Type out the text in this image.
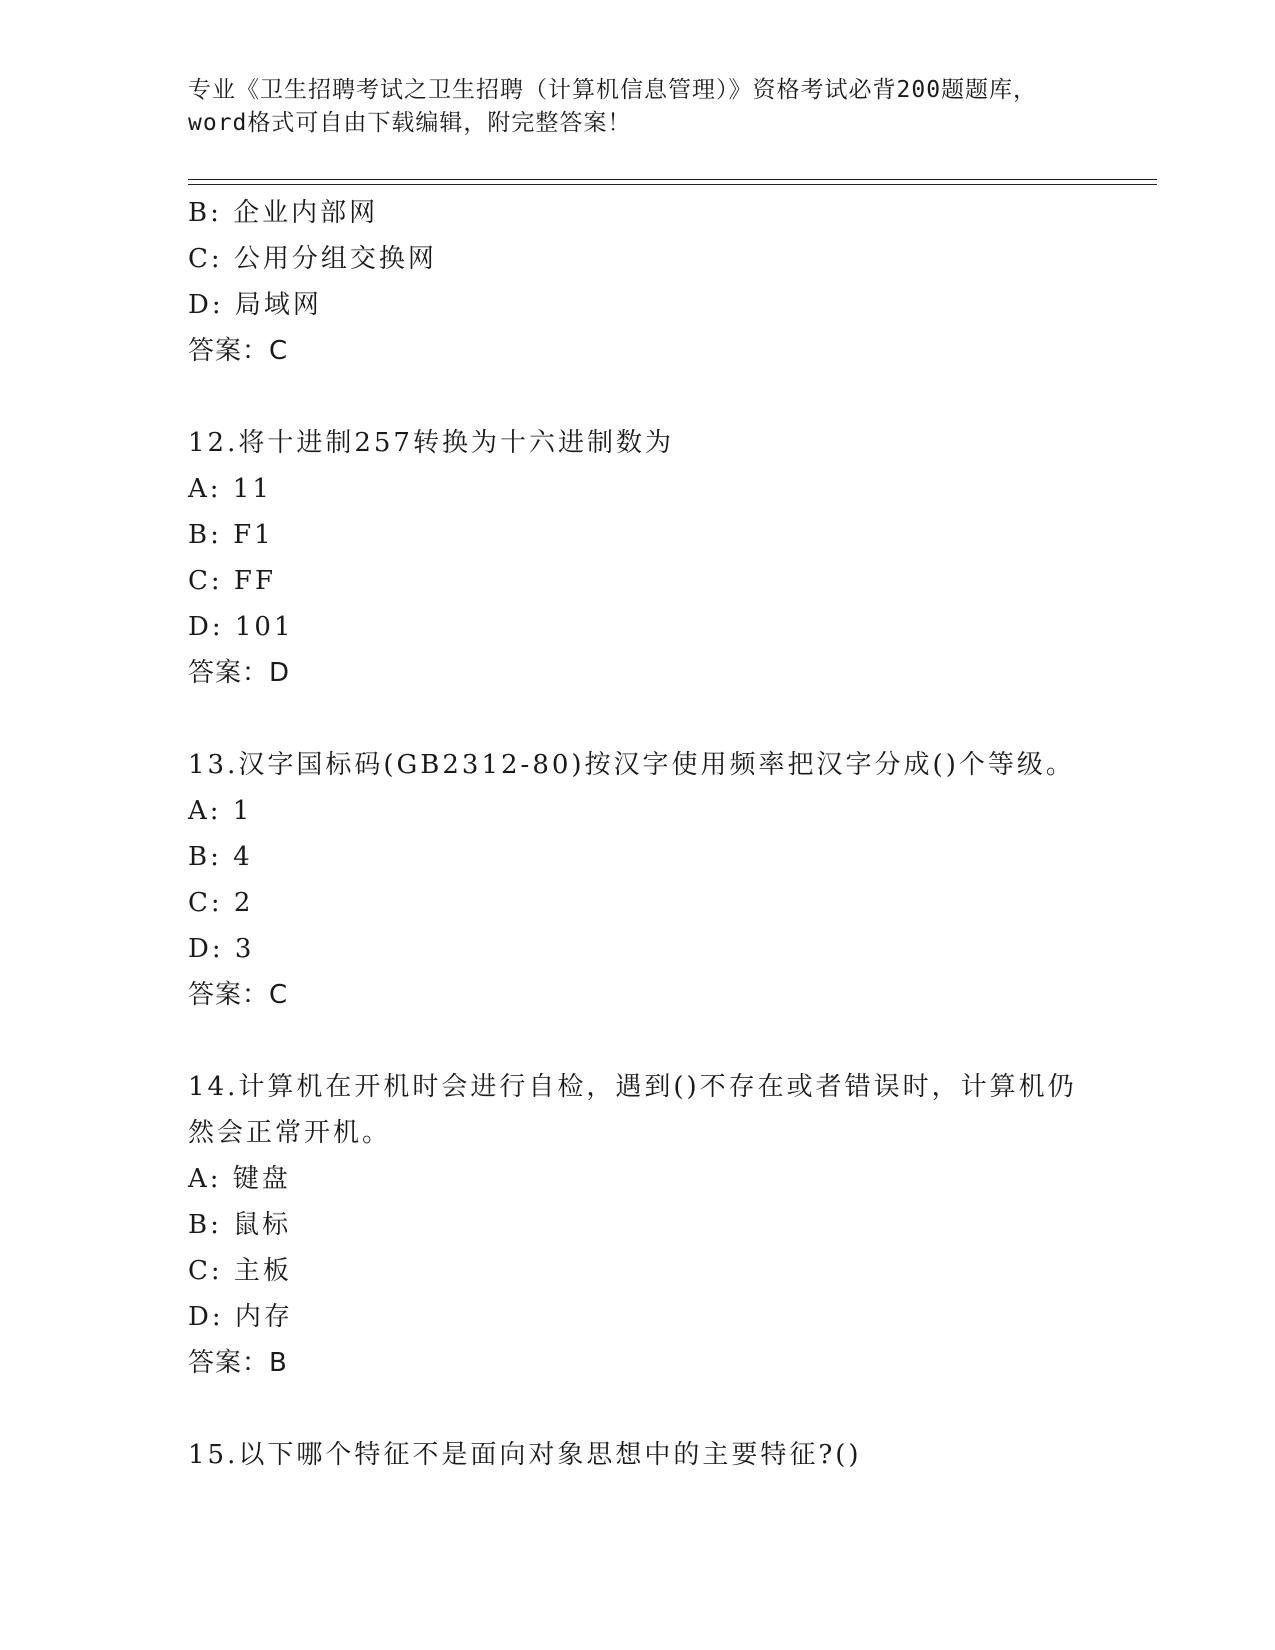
专业《卫生招聘考试之卫生招聘（计算机信息管理）》资格考试必背200题题库，
word格式可自由下载编辑，附完整答案！
B: 企业内部网
C: 公用分组交换网
D: 局域网
答案：C
12.将十进制257转换为十六进制数为
A: 11
B: F1
C: FF
D: 101
答案：D
13.汉字国标码(GB2312-80)按汉字使用频率把汉字分成()个等级。
A: 1
B: 4
C: 2
D: 3
答案：C
14.计算机在开机时会进行自检，遇到()不存在或者错误时，计算机仍
然会正常开机。
A: 键盘
B: 鼠标
C: 主板
D: 内存
答案：B
15.以下哪个特征不是面向对象思想中的主要特征?()
